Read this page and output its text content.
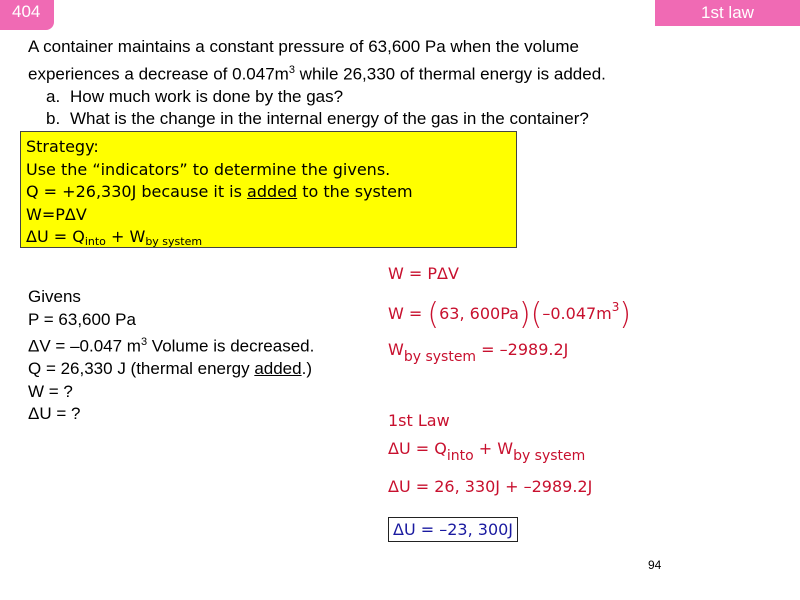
404	1st law
A container maintains a constant pressure of 63,600 Pa when the volume
experiences a decrease of $0.047m^3$ while 26,330 of thermal energy is added.
a. How much work is done by the gas?
b. What is the change in the internal energy of the gas in the container?
Strategy:
Use the “indicators” to determine the givens.
Q = +26,330J because it is added to the system
W=PΔV
$\Delta U = Q_{into} + W_{by system}$
Givens
P = 63,600 Pa
ΔV = –0.047 $m^3$ Volume is decreased.
Q = 26,330 J (thermal energy added.)
W = ?
ΔU = ?
W = PΔV
W = (63, $600Pa)(-0.047m^3)$
$W_{by system} = -2989.2J$
1st Law
$\Delta U = Q_{into} + W_{by system}$
ΔU = 26, 330J + –2989.2J
ΔU = –23, 300J
94
